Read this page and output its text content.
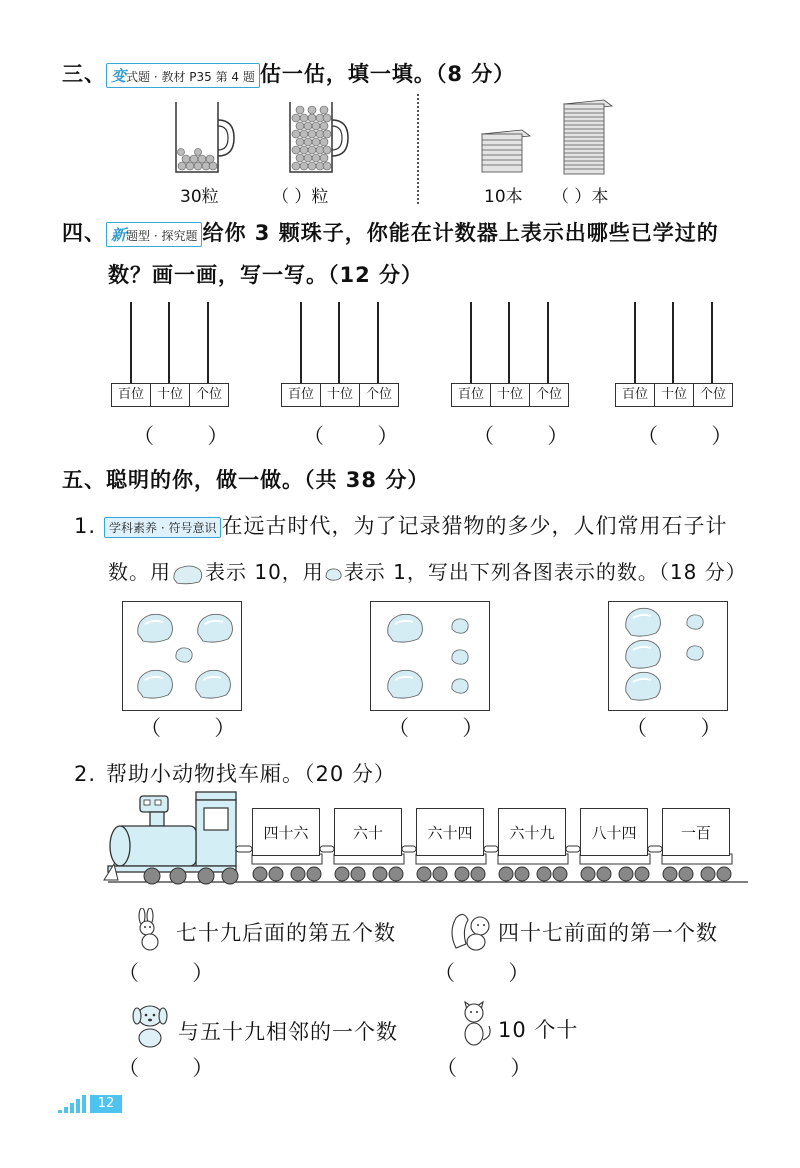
三、 变式题 · 教材 P35 第 4 题 估一估，填一填。（8 分）
30粒	（ ）粒	10本 （ ）本
四、 新题型 · 探究题 给你 3 颗珠子，你能在计数器上表示出哪些已学过的
数？画一画，写一写。（12 分）
百位 十位 个位
（        ）
百位 十位 个位
（        ）
百位 十位 个位
（        ）
百位 十位 个位
（        ）
五、聪明的你，做一做。（共 38 分）
1. 学科素养 · 符号意识 在远古时代，为了记录猎物的多少，人们常用石子计
数。用 表示 10，用 表示 1，写出下列各图表示的数。（18 分）
（        ）	（        ）	（        ）
2. 帮助小动物找车厢。（20 分）
四十六	六十	六十四	六十九	八十四	一百
七十九后面的第五个数
（        ）
四十七前面的第一个数
（        ）
与五十九相邻的一个数
（        ）
10 个十
（        ）
12
